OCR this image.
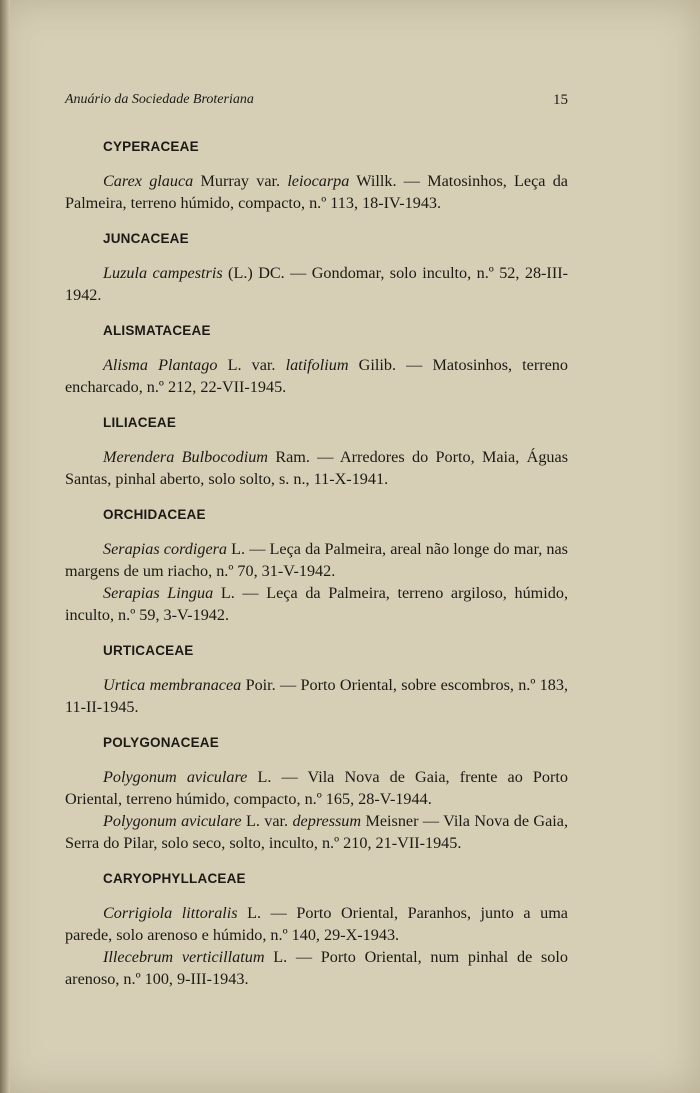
Anuário da Sociedade Broteriana	15
CYPERACEAE

Carex glauca Murray var. leiocarpa Willk. — Matosinhos, Leça da Palmeira, terreno húmido, compacto, n.º 113, 18-IV-1943.

JUNCACEAE

Luzula campestris (L.) DC. — Gondomar, solo inculto, n.º 52, 28-III-1942.

ALISMATACEAE

Alisma Plantago L. var. latifolium Gilib. — Matosinhos, terreno encharcado, n.º 212, 22-VII-1945.

LILIACEAE

Merendera Bulbocodium Ram. — Arredores do Porto, Maia, Águas Santas, pinhal aberto, solo solto, s. n., 11-X-1941.

ORCHIDACEAE

Serapias cordigera L. — Leça da Palmeira, areal não longe do mar, nas margens de um riacho, n.º 70, 31-V-1942.

Serapias Lingua L. — Leça da Palmeira, terreno argiloso, húmido, inculto, n.º 59, 3-V-1942.

URTICACEAE

Urtica membranacea Poir. — Porto Oriental, sobre escombros, n.º 183, 11-II-1945.

POLYGONACEAE

Polygonum aviculare L. — Vila Nova de Gaia, frente ao Porto Oriental, terreno húmido, compacto, n.º 165, 28-V-1944.

Polygonum aviculare L. var. depressum Meisner — Vila Nova de Gaia, Serra do Pilar, solo seco, solto, inculto, n.º 210, 21-VII-1945.

CARYOPHYLLACEAE

Corrigiola littoralis L. — Porto Oriental, Paranhos, junto a uma parede, solo arenoso e húmido, n.º 140, 29-X-1943.

Illecebrum verticillatum L. — Porto Oriental, num pinhal de solo arenoso, n.º 100, 9-III-1943.
